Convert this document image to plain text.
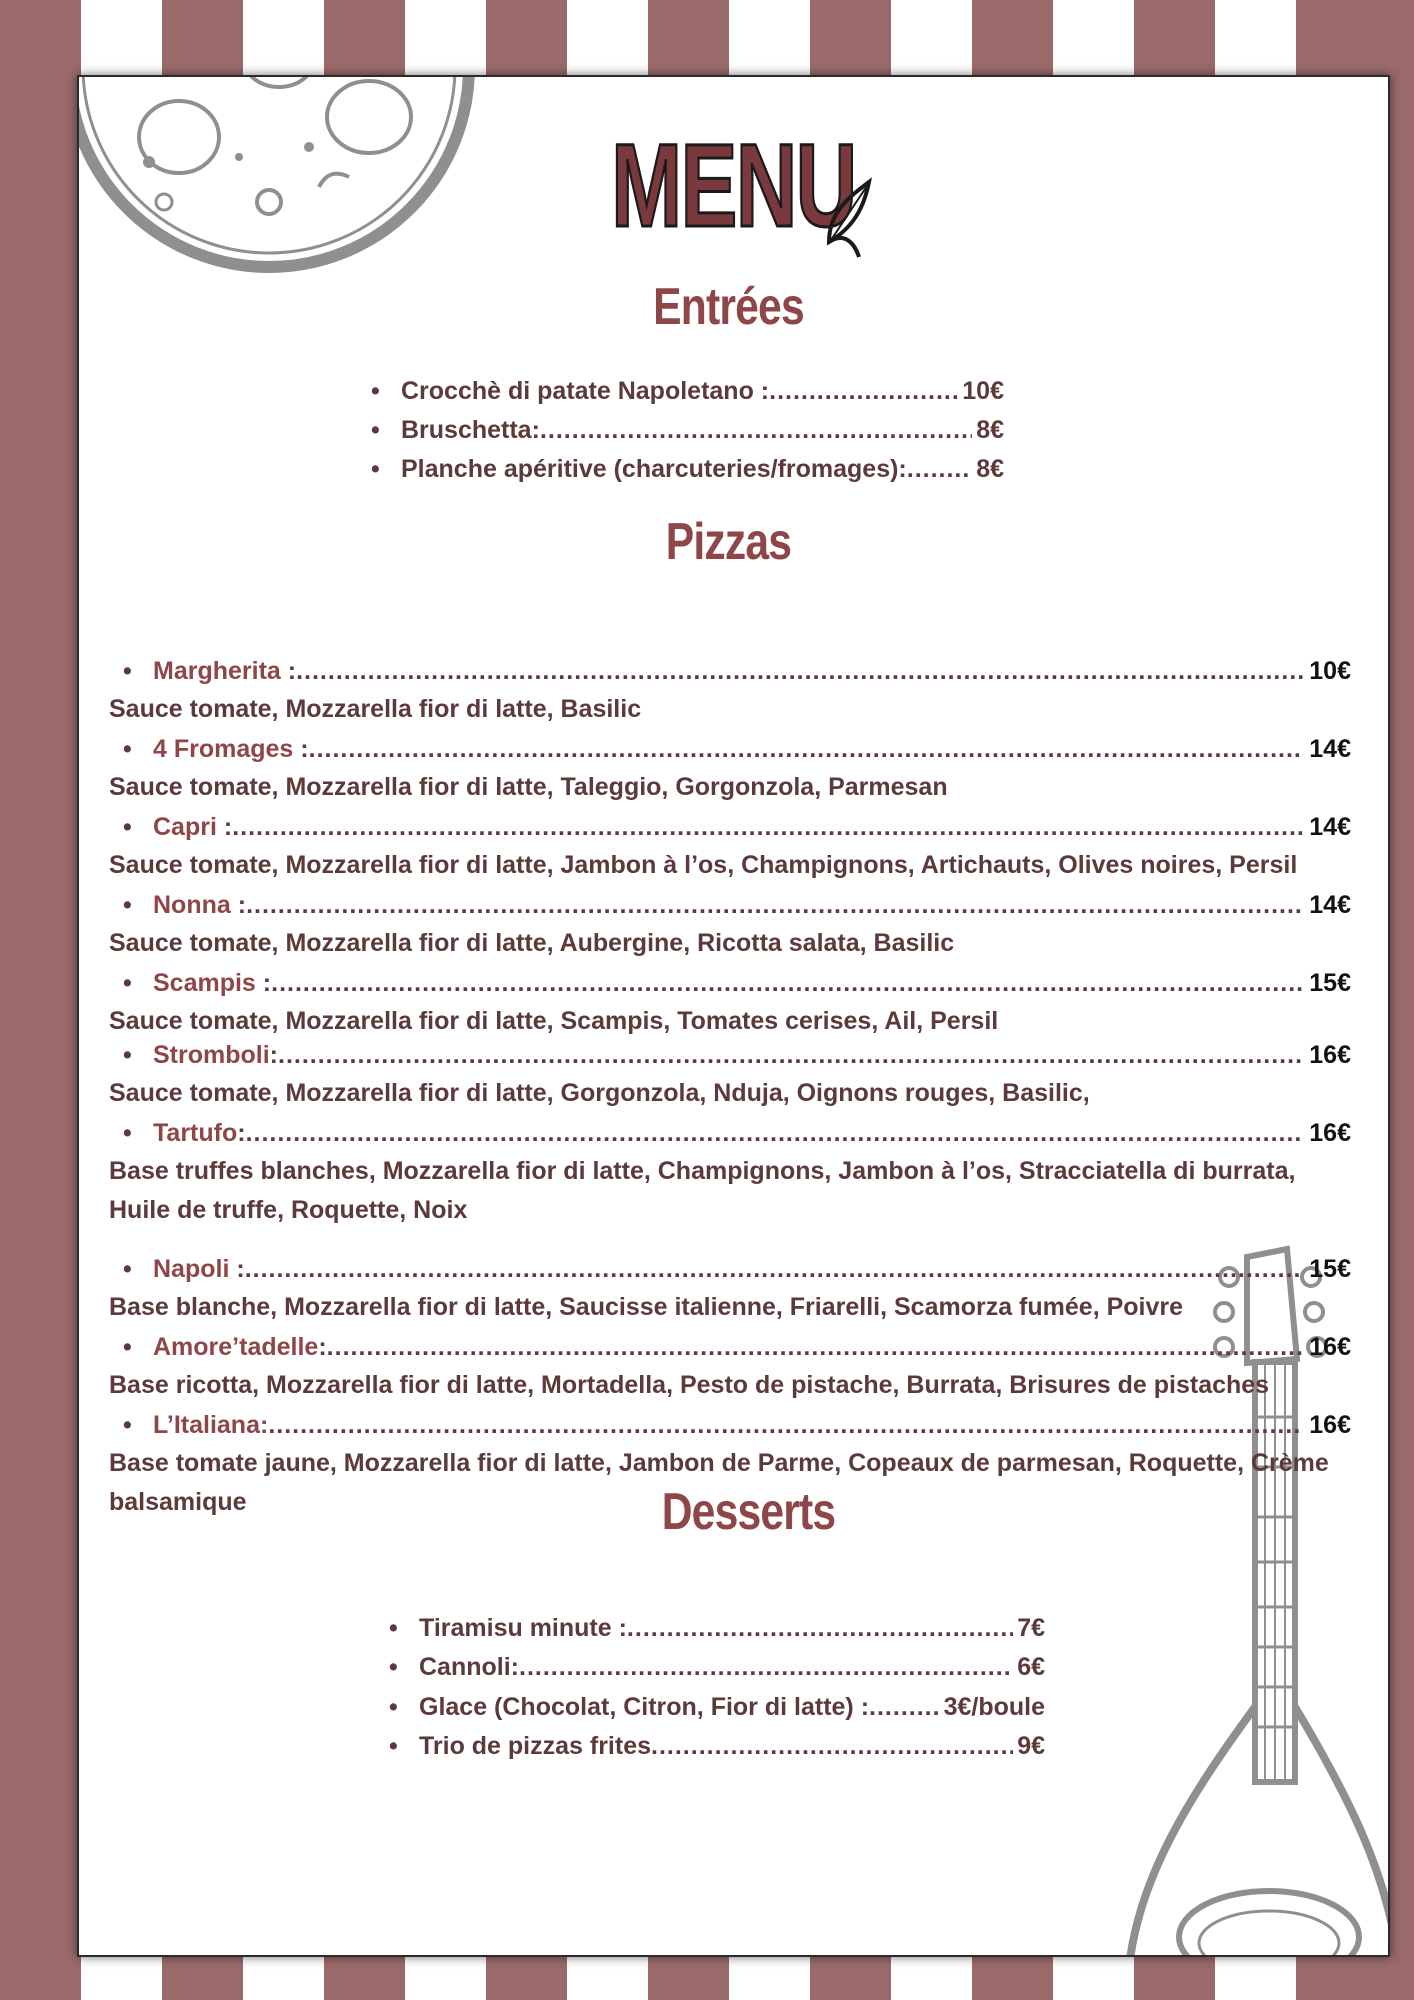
MENU
Entrées
• Crocchè di patate Napoletano : .....	10€
• Bruschetta: .....	8€
• Planche apéritive (charcuteries/fromages): .....	8€
Pizzas
• Margherita : .....	10€
Sauce tomate, Mozzarella fior di latte, Basilic
• 4 Fromages : .....	14€
Sauce tomate, Mozzarella fior di latte, Taleggio, Gorgonzola, Parmesan
• Capri : .....	14€
Sauce tomate, Mozzarella fior di latte, Jambon à l’os, Champignons, Artichauts, Olives noires, Persil
• Nonna : .....	14€
Sauce tomate, Mozzarella fior di latte, Aubergine, Ricotta salata, Basilic
• Scampis : .....	15€
Sauce tomate, Mozzarella fior di latte, Scampis, Tomates cerises, Ail, Persil
• Stromboli : .....	16€
Sauce tomate, Mozzarella fior di latte, Gorgonzola, Nduja, Oignons rouges, Basilic,
• Tartufo : .....	16€
Base truffes blanches, Mozzarella fior di latte, Champignons, Jambon à l’os, Stracciatella di burrata, Huile de truffe, Roquette, Noix
• Napoli : .....	15€
Base blanche, Mozzarella fior di latte, Saucisse italienne, Friarelli, Scamorza fumée, Poivre
• Amore’tadelle : .....	16€
Base ricotta, Mozzarella fior di latte, Mortadella, Pesto de pistache, Burrata, Brisures de pistaches
• L’Italiana: .....	16€
Base tomate jaune, Mozzarella fior di latte, Jambon de Parme, Copeaux de parmesan, Roquette, Crème balsamique	Desserts
• Tiramisu minute : .....	7€
• Cannoli: .....	6€
• Glace (Chocolat, Citron, Fior di latte) : .....	3€/boule
• Trio de pizzas frites .....	9€
